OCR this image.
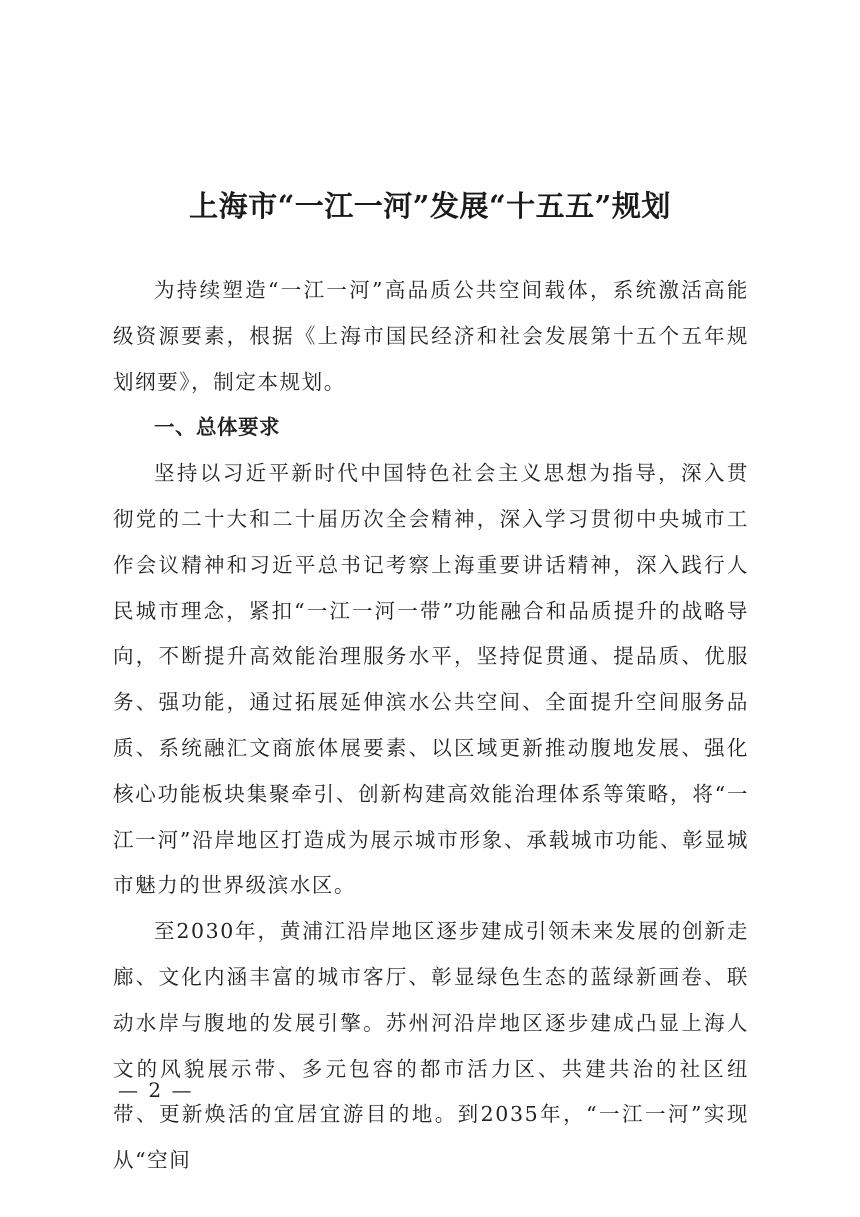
上海市“一江一河”发展“十五五”规划

为持续塑造“一江一河”高品质公共空间载体，系统激活高能级资源要素，根据《上海市国民经济和社会发展第十五个五年规划纲要》，制定本规划。

一、总体要求

坚持以习近平新时代中国特色社会主义思想为指导，深入贯彻党的二十大和二十届历次全会精神，深入学习贯彻中央城市工作会议精神和习近平总书记考察上海重要讲话精神，深入践行人民城市理念，紧扣“一江一河一带”功能融合和品质提升的战略导向，不断提升高效能治理服务水平，坚持促贯通、提品质、优服务、强功能，通过拓展延伸滨水公共空间、全面提升空间服务品质、系统融汇文商旅体展要素、以区域更新推动腹地发展、强化核心功能板块集聚牵引、创新构建高效能治理体系等策略，将“一江一河”沿岸地区打造成为展示城市形象、承载城市功能、彰显城市魅力的世界级滨水区。

至2030年，黄浦江沿岸地区逐步建成引领未来发展的创新走廊、文化内涵丰富的城市客厅、彰显绿色生态的蓝绿新画卷、联动水岸与腹地的发展引擎。苏州河沿岸地区逐步建成凸显上海人文的风貌展示带、多元包容的都市活力区、共建共治的社区纽带、更新焕活的宜居宜游目的地。到2035年，“一江一河”实现从“空间

— 2 —
